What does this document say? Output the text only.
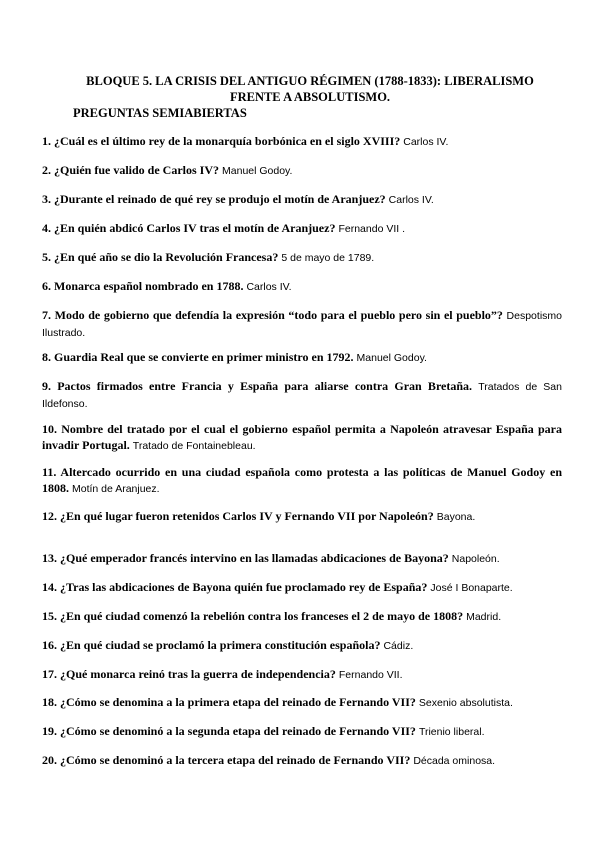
BLOQUE 5. LA CRISIS DEL ANTIGUO RÉGIMEN (1788-1833): LIBERALISMO
FRENTE A ABSOLUTISMO.
PREGUNTAS SEMIABIERTAS
1. ¿Cuál es el último rey de la monarquía borbónica en el siglo XVIII? Carlos IV.
2. ¿Quién fue valido de Carlos IV? Manuel Godoy.
3. ¿Durante el reinado de qué rey se produjo el motín de Aranjuez? Carlos IV.
4. ¿En quién abdicó Carlos IV tras el motín de Aranjuez? Fernando VII .
5. ¿En qué año se dio la Revolución Francesa? 5 de mayo de 1789.
6. Monarca español nombrado en 1788. Carlos IV.
7. Modo de gobierno que defendía la expresión “todo para el pueblo pero sin el pueblo”? Despotismo Ilustrado.
8. Guardia Real que se convierte en primer ministro en 1792. Manuel Godoy.
9. Pactos firmados entre Francia y España para aliarse contra Gran Bretaña. Tratados de San Ildefonso.
10. Nombre del tratado por el cual el gobierno español permita a Napoleón atravesar España para invadir Portugal. Tratado de Fontainebleau.
11. Altercado ocurrido en una ciudad española como protesta a las políticas de Manuel Godoy en 1808. Motín de Aranjuez.
12. ¿En qué lugar fueron retenidos Carlos IV y Fernando VII por Napoleón? Bayona.
13. ¿Qué emperador francés intervino en las llamadas abdicaciones de Bayona? Napoleón.
14. ¿Tras las abdicaciones de Bayona quién fue proclamado rey de España? José I Bonaparte.
15. ¿En qué ciudad comenzó la rebelión contra los franceses el 2 de mayo de 1808? Madrid.
16. ¿En qué ciudad se proclamó la primera constitución española? Cádiz.
17. ¿Qué monarca reinó tras la guerra de independencia? Fernando VII.
18. ¿Cómo se denomina a la primera etapa del reinado de Fernando VII? Sexenio absolutista.
19. ¿Cómo se denominó a la segunda etapa del reinado de Fernando VII? Trienio liberal.
20. ¿Cómo se denominó a la tercera etapa del reinado de Fernando VII? Década ominosa.
